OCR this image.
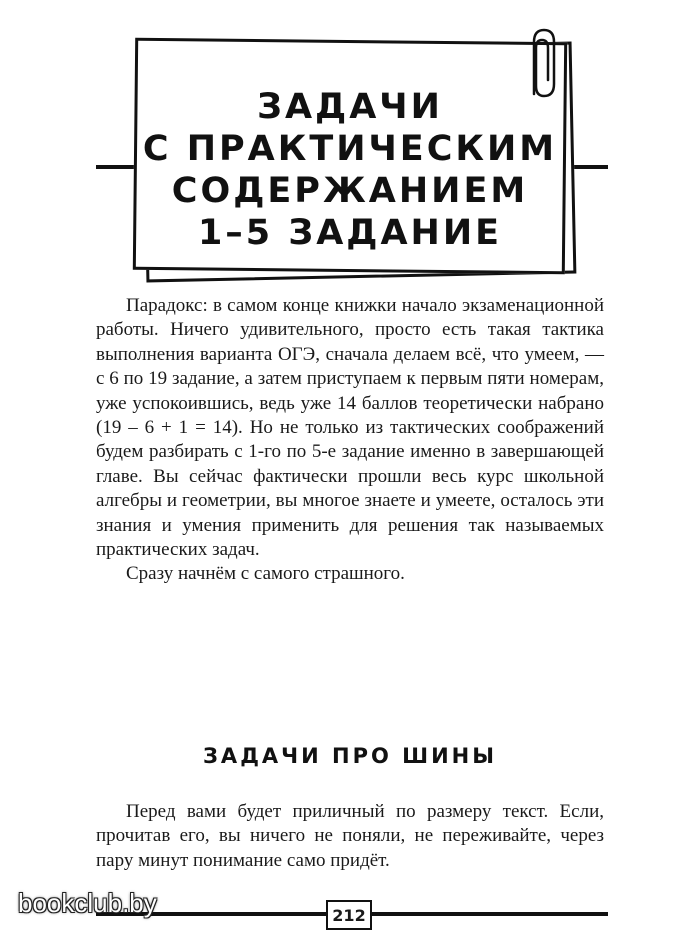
ЗАДАЧИ
С ПРАКТИЧЕСКИМ
СОДЕРЖАНИЕМ
1–5 ЗАДАНИЕ

Парадокс: в самом конце книжки начало экзаменационной работы. Ничего удивительного, просто есть такая тактика выполнения варианта ОГЭ, сначала делаем всё, что умеем, — с 6 по 19 задание, а затем приступаем к первым пяти номерам, уже успокоившись, ведь уже 14 баллов теоретически набрано (19 – 6 + 1 = 14). Но не только из тактических соображений будем разбирать с 1-го по 5-е задание именно в завершающей главе. Вы сейчас фактически прошли весь курс школьной алгебры и геометрии, вы многое знаете и умеете, осталось эти знания и умения применить для решения так называемых практических задач.

Сразу начнём с самого страшного.

ЗАДАЧИ ПРО ШИНЫ

Перед вами будет приличный по размеру текст. Если, прочитав его, вы ничего не поняли, не переживайте, через пару минут понимание само придёт.

212
bookclub.by
